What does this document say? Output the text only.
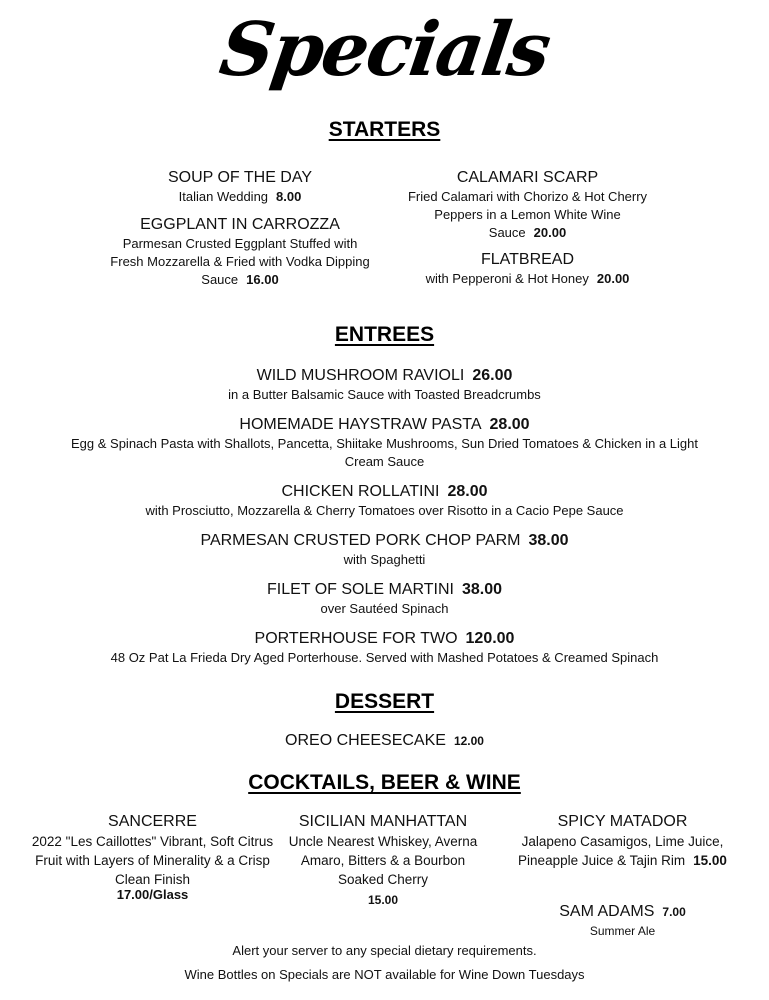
Specials
STARTERS
SOUP OF THE DAY
Italian Wedding 8.00
EGGPLANT IN CARROZZA
Parmesan Crusted Eggplant Stuffed with Fresh Mozzarella & Fried with Vodka Dipping Sauce 16.00
CALAMARI SCARP
Fried Calamari with Chorizo & Hot Cherry Peppers in a Lemon White Wine Sauce 20.00
FLATBREAD
with Pepperoni & Hot Honey 20.00
ENTREES
WILD MUSHROOM RAVIOLI 26.00
in a Butter Balsamic Sauce with Toasted Breadcrumbs
HOMEMADE HAYSTRAW PASTA 28.00
Egg & Spinach Pasta with Shallots, Pancetta, Shiitake Mushrooms, Sun Dried Tomatoes & Chicken in a Light Cream Sauce
CHICKEN ROLLATINI 28.00
with Prosciutto, Mozzarella & Cherry Tomatoes over Risotto in a Cacio Pepe Sauce
PARMESAN CRUSTED PORK CHOP PARM 38.00
with Spaghetti
FILET OF SOLE MARTINI 38.00
over Sautéed Spinach
PORTERHOUSE FOR TWO 120.00
48 Oz Pat La Frieda Dry Aged Porterhouse. Served with Mashed Potatoes & Creamed Spinach
DESSERT
OREO CHEESECAKE 12.00
COCKTAILS, BEER & WINE
SANCERRE
2022 "Les Caillottes" Vibrant, Soft Citrus Fruit with Layers of Minerality & a Crisp Clean Finish
17.00/Glass
SICILIAN MANHATTAN
Uncle Nearest Whiskey, Averna Amaro, Bitters & a Bourbon Soaked Cherry
15.00
SPICY MATADOR
Jalapeno Casamigos, Lime Juice, Pineapple Juice & Tajin Rim 15.00
SAM ADAMS 7.00
Summer Ale
Alert your server to any special dietary requirements.
Wine Bottles on Specials are NOT available for Wine Down Tuesdays
